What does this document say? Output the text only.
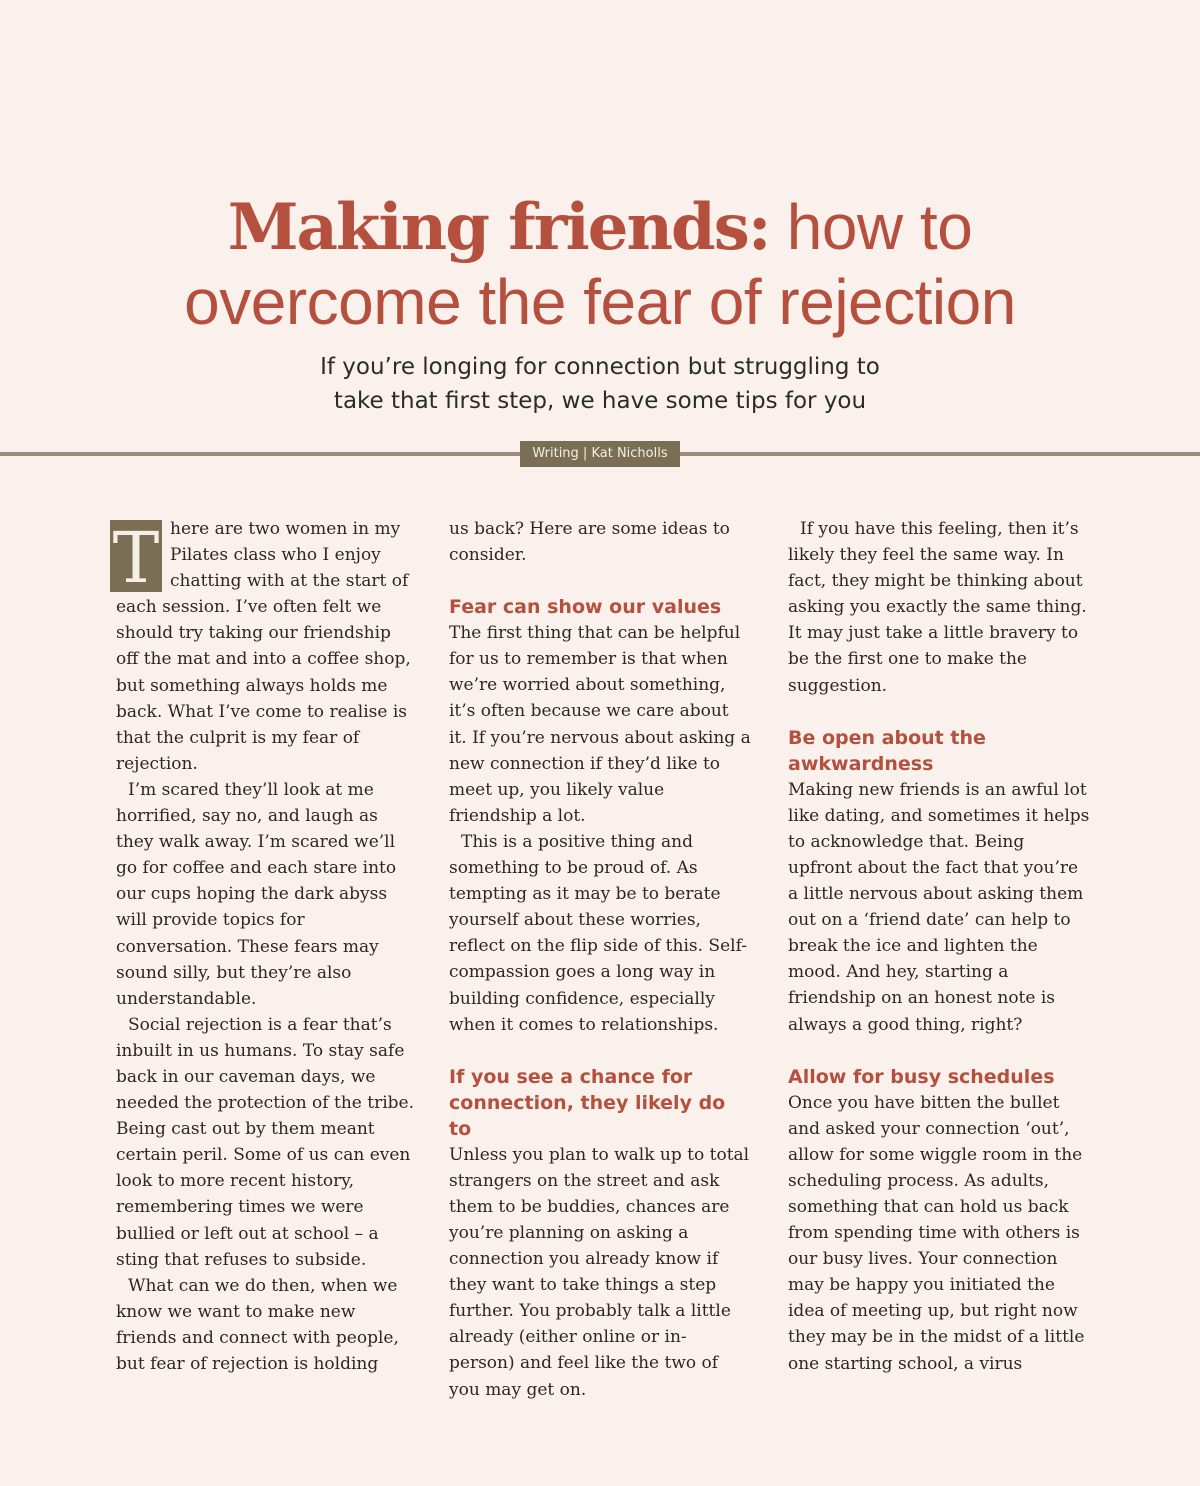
Making friends: how to
overcome the fear of rejection

If you’re longing for connection but struggling to
take that first step, we have some tips for you

Writing | Kat Nicholls
T here are two women in my Pilates class who I enjoy chatting with at the start of each session. I’ve often felt we should try taking our friendship off the mat and into a coffee shop, but something always holds me back. What I’ve come to realise is that the culprit is my fear of rejection.

I’m scared they’ll look at me horrified, say no, and laugh as they walk away. I’m scared we’ll go for coffee and each stare into our cups hoping the dark abyss will provide topics for conversation. These fears may sound silly, but they’re also understandable.

Social rejection is a fear that’s inbuilt in us humans. To stay safe back in our caveman days, we needed the protection of the tribe. Being cast out by them meant certain peril. Some of us can even look to more recent history, remembering times we were bullied or left out at school – a sting that refuses to subside.

What can we do then, when we know we want to make new friends and connect with people, but fear of rejection is holding

us back? Here are some ideas to consider.

Fear can show our values

The first thing that can be helpful for us to remember is that when we’re worried about something, it’s often because we care about it. If you’re nervous about asking a new connection if they’d like to meet up, you likely value friendship a lot.

This is a positive thing and something to be proud of. As tempting as it may be to berate yourself about these worries, reflect on the flip side of this. Self-compassion goes a long way in building confidence, especially when it comes to relationships.

If you see a chance for connection, they likely do to

Unless you plan to walk up to total strangers on the street and ask them to be buddies, chances are you’re planning on asking a connection you already know if they want to take things a step further. You probably talk a little already (either online or in-person) and feel like the two of you may get on.

If you have this feeling, then it’s likely they feel the same way. In fact, they might be thinking about asking you exactly the same thing. It may just take a little bravery to be the first one to make the suggestion.

Be open about the awkwardness

Making new friends is an awful lot like dating, and sometimes it helps to acknowledge that. Being upfront about the fact that you’re a little nervous about asking them out on a ‘friend date’ can help to break the ice and lighten the mood. And hey, starting a friendship on an honest note is always a good thing, right?

Allow for busy schedules

Once you have bitten the bullet and asked your connection ‘out’, allow for some wiggle room in the scheduling process. As adults, something that can hold us back from spending time with others is our busy lives. Your connection may be happy you initiated the idea of meeting up, but right now they may be in the midst of a little one starting school, a virus
